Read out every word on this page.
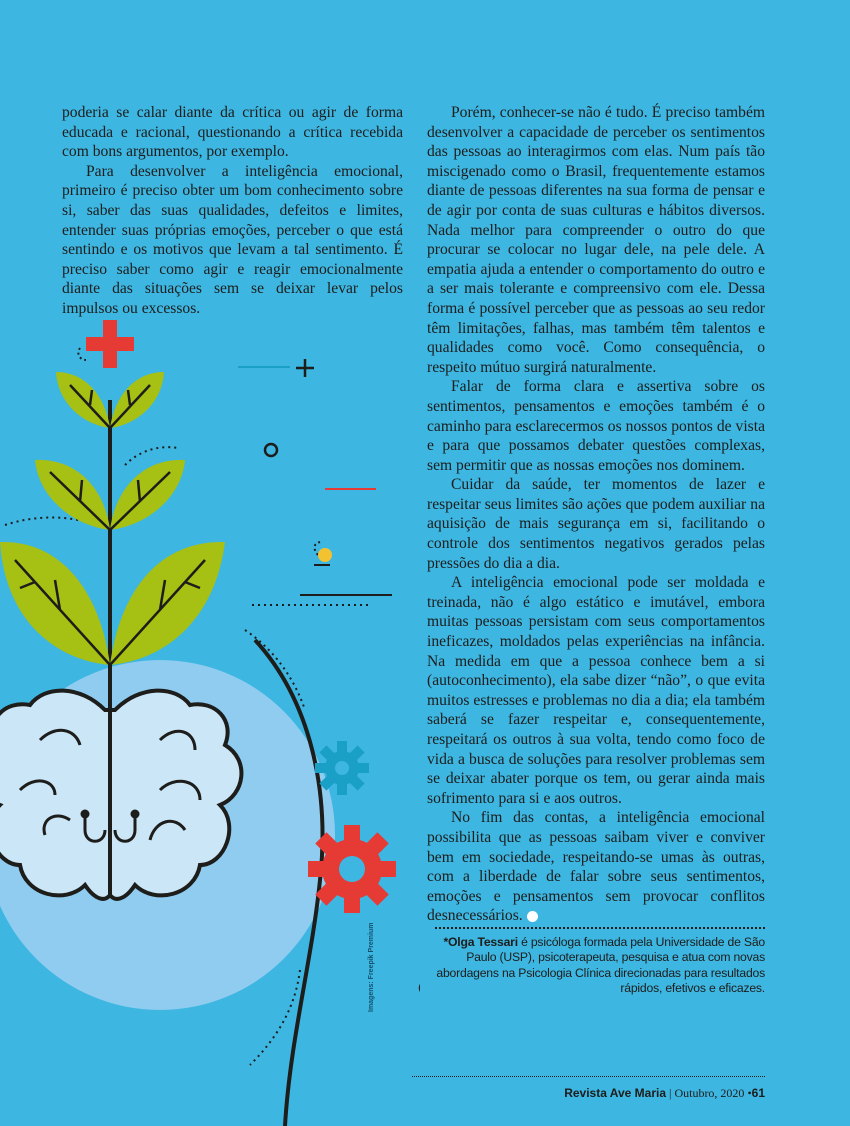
poderia se calar diante da crítica ou agir de forma educada e racional, questionando a crítica recebida com bons argumentos, por exemplo.

Para desenvolver a inteligência emocional, primeiro é preciso obter um bom conhecimento sobre si, saber das suas qualidades, defeitos e limites, entender suas próprias emoções, perceber o que está sentindo e os motivos que levam a tal sentimento. É preciso saber como agir e reagir emocionalmente diante das situações sem se deixar levar pelos impulsos ou excessos.

Porém, conhecer-se não é tudo. É preciso também desenvolver a capacidade de perceber os sentimentos das pessoas ao interagirmos com elas. Num país tão miscigenado como o Brasil, frequentemente estamos diante de pessoas diferentes na sua forma de pensar e de agir por conta de suas culturas e hábitos diversos. Nada melhor para compreender o outro do que procurar se colocar no lugar dele, na pele dele. A empatia ajuda a entender o comportamento do outro e a ser mais tolerante e compreensivo com ele. Dessa forma é possível perceber que as pessoas ao seu redor têm limitações, falhas, mas também têm talentos e qualidades como você. Como consequência, o respeito mútuo surgirá naturalmente.

Falar de forma clara e assertiva sobre os sentimentos, pensamentos e emoções também é o caminho para esclarecermos os nossos pontos de vista e para que possamos debater questões complexas, sem permitir que as nossas emoções nos dominem.

Cuidar da saúde, ter momentos de lazer e respeitar seus limites são ações que podem auxiliar na aquisição de mais segurança em si, facilitando o controle dos sentimentos negativos gerados pelas pressões do dia a dia.

A inteligência emocional pode ser moldada e treinada, não é algo estático e imutável, embora muitas pessoas persistam com seus comportamentos ineficazes, moldados pelas experiências na infância. Na medida em que a pessoa conhece bem a si (autoconhecimento), ela sabe dizer “não”, o que evita muitos estresses e problemas no dia a dia; ela também saberá se fazer respeitar e, consequentemente, respeitará os outros à sua volta, tendo como foco de vida a busca de soluções para resolver problemas sem se deixar abater porque os tem, ou gerar ainda mais sofrimento para si e aos outros.

No fim das contas, a inteligência emocional possibilita que as pessoas saibam viver e conviver bem em sociedade, respeitando-se umas às outras, com a liberdade de falar sobre seus sentimentos, emoções e pensamentos sem provocar conflitos desnecessários.

*Olga Tessari é psicóloga formada pela Universidade de São Paulo (USP), psicoterapeuta, pesquisa e atua com novas abordagens na Psicologia Clínica direcionadas para resultados rápidos, efetivos e eficazes.
Imagens: Freepik Premium
Revista Ave Maria | Outubro, 2020 •61
